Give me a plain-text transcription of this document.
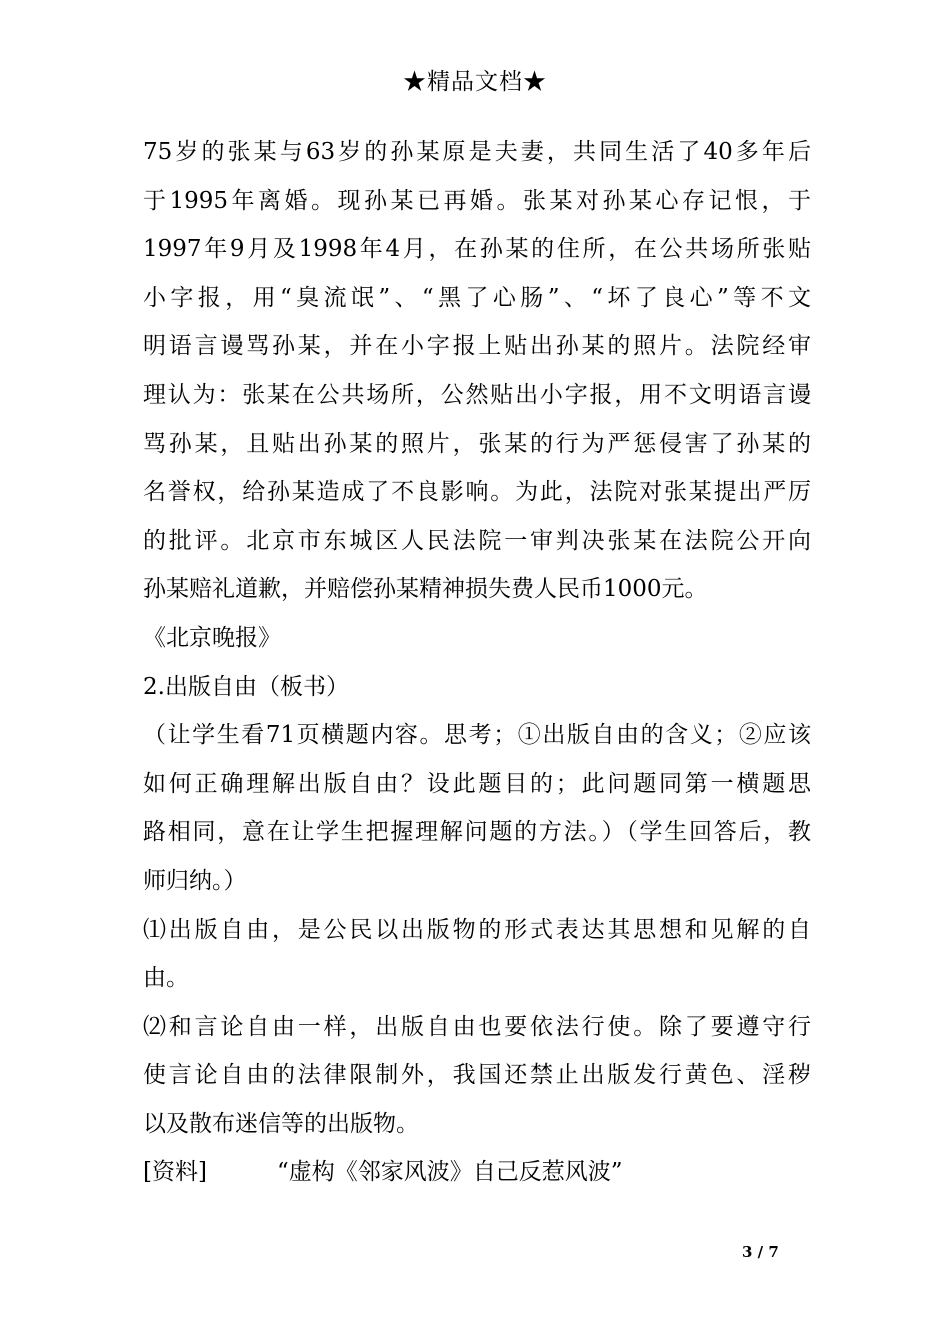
★精品文档★
75岁的张某与63岁的孙某原是夫妻，共同生活了40多年后
于1995年离婚。现孙某已再婚。张某对孙某心存记恨，于
1997年9月及1998年4月，在孙某的住所，在公共场所张贴
小字报，用“臭流氓”、“黑了心肠”、“坏了良心”等不文
明语言谩骂孙某，并在小字报上贴出孙某的照片。法院经审
理认为：张某在公共场所，公然贴出小字报，用不文明语言谩
骂孙某，且贴出孙某的照片，张某的行为严惩侵害了孙某的
名誉权，给孙某造成了不良影响。为此，法院对张某提出严厉
的批评。北京市东城区人民法院一审判决张某在法院公开向
孙某赔礼道歉，并赔偿孙某精神损失费人民币1000元。
《北京晚报》
2.出版自由（板书）
（让学生看71页横题内容。思考；①出版自由的含义；②应该
如何正确理解出版自由？设此题目的；此问题同第一横题思
路相同，意在让学生把握理解问题的方法。）（学生回答后，教
师归纳。）
⑴出版自由，是公民以出版物的形式表达其思想和见解的自
由。
⑵和言论自由一样，出版自由也要依法行使。除了要遵守行
使言论自由的法律限制外，我国还禁止出版发行黄色、淫秽
以及散布迷信等的出版物。
[资料]	“虚构《邻家风波》自己反惹风波”
3 / 7
